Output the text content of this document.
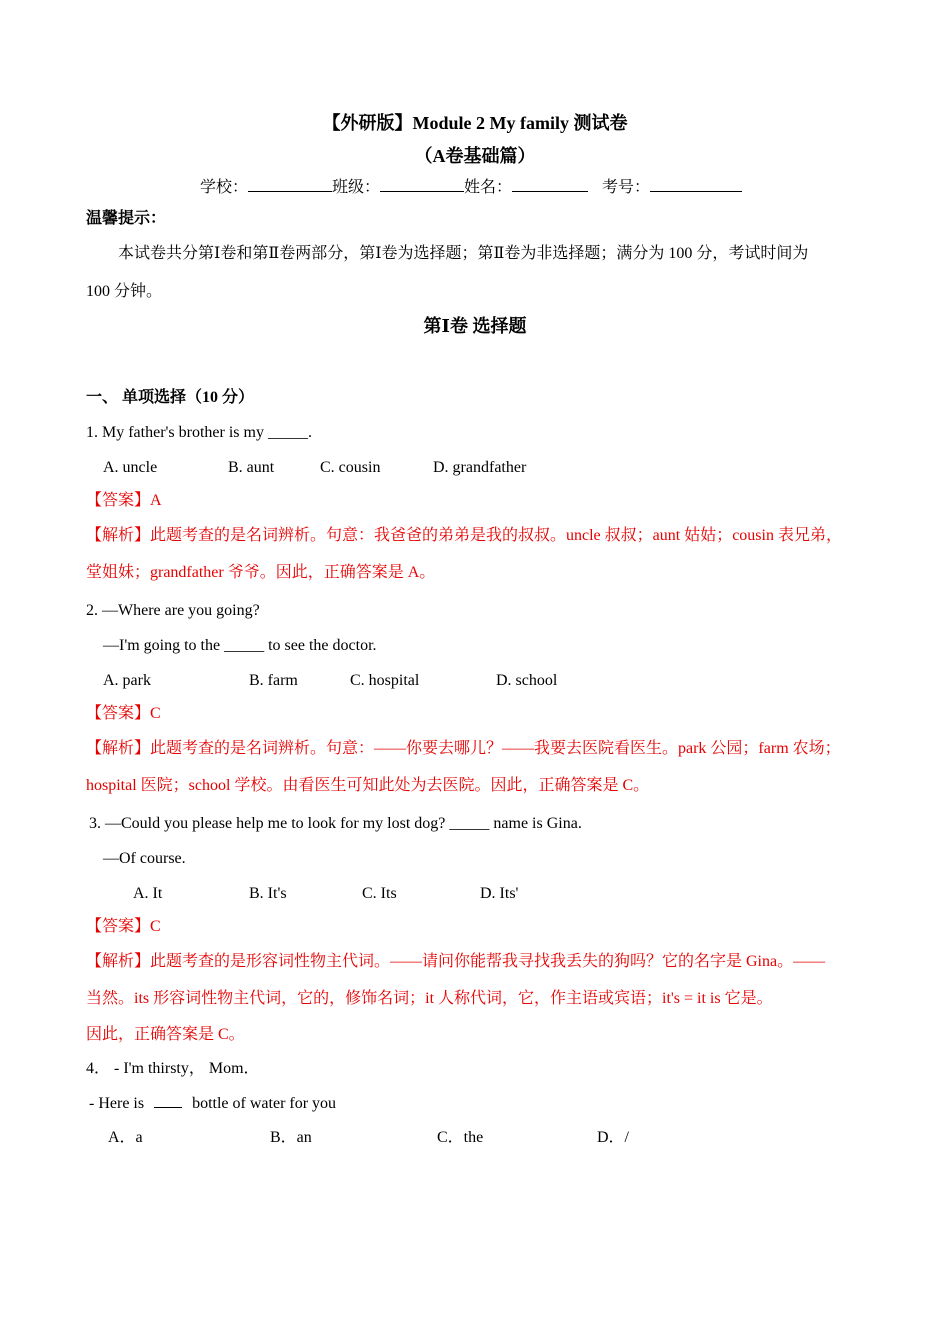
【外研版】Module 2 My family 测试卷
（A卷基础篇）
学校：	班级：	姓名：	考号：
温馨提示：
本试卷共分第Ⅰ卷和第Ⅱ卷两部分，第Ⅰ卷为选择题；第Ⅱ卷为非选择题；满分为 100 分，考试时间为
100 分钟。
第Ⅰ卷 选择题
一、 单项选择（10 分）
1. My father's brother is my _____.
A. uncle	B. aunt	C. cousin	D. grandfather
【答案】A
【解析】此题考查的是名词辨析。句意：我爸爸的弟弟是我的叔叔。uncle 叔叔；aunt 姑姑；cousin 表兄弟，
堂姐妹；grandfather 爷爷。因此，正确答案是 A。
2. —Where are you going?
—I'm going to the _____ to see the doctor.
A. park	B. farm	C. hospital	D. school
【答案】C
【解析】此题考查的是名词辨析。句意：——你要去哪儿？——我要去医院看医生。park 公园；farm 农场；
hospital 医院；school 学校。由看医生可知此处为去医院。因此，正确答案是 C。
3. —Could you please help me to look for my lost dog? _____ name is Gina.
—Of course.
A. It	B. It's	C. Its	D. Its'
【答案】C
【解析】此题考查的是形容词性物主代词。——请问你能帮我寻找我丢失的狗吗？它的名字是 Gina。——
当然。its 形容词性物主代词，它的，修饰名词；it 人称代词，它，作主语或宾语；it's = it is 它是。
因此，正确答案是 C。
4． - I'm thirsty， Mom．
- Here is	bottle of water for you
A．a	B．an	C．the	D．/
